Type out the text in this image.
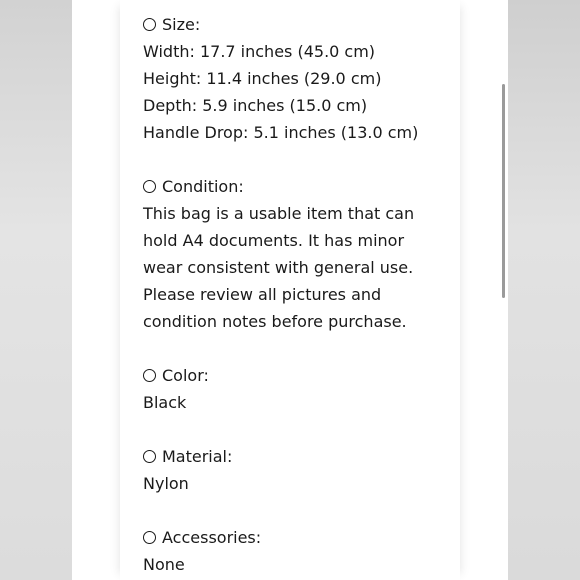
Size:
Width: 17.7 inches (45.0 cm)
Height: 11.4 inches (29.0 cm)
Depth: 5.9 inches (15.0 cm)
Handle Drop: 5.1 inches (13.0 cm)
Condition:
This bag is a usable item that can
hold A4 documents. It has minor
wear consistent with general use.
Please review all pictures and
condition notes before purchase.
Color:
Black
Material:
Nylon
Accessories:
None
